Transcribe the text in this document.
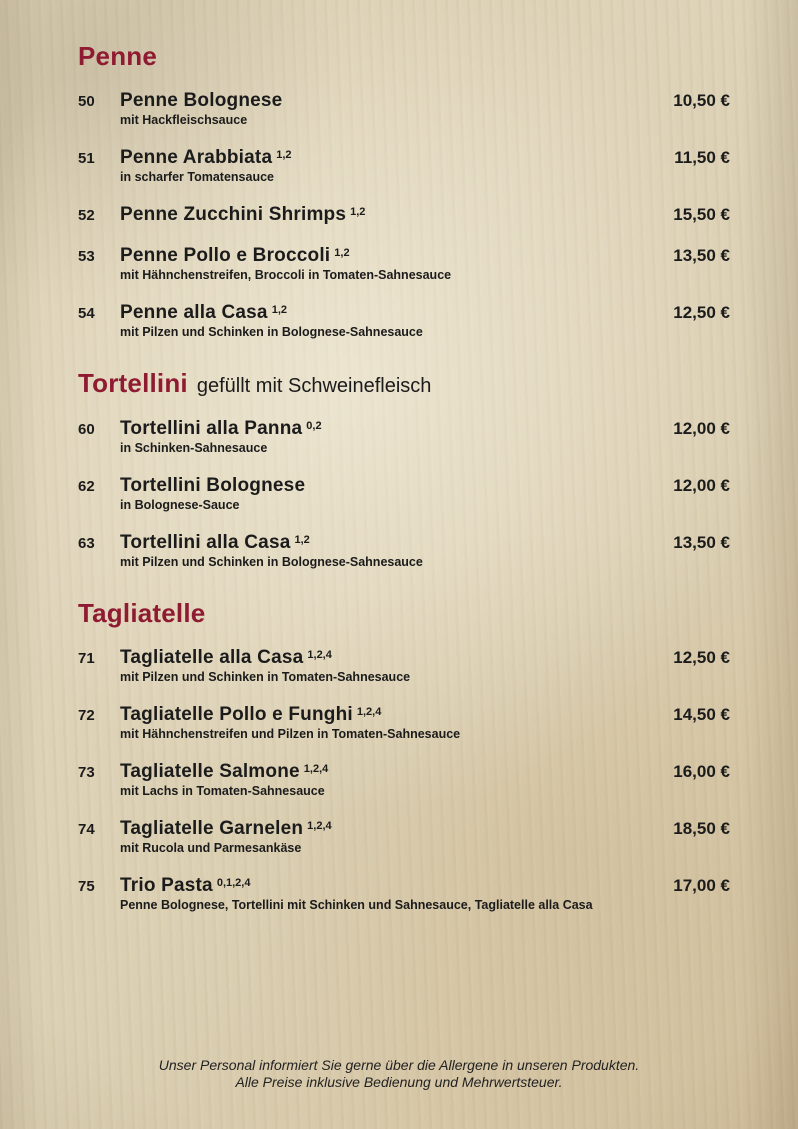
Penne
50	Penne Bolognese	10,50 €
mit Hackfleischsauce
51	Penne Arabbiata $^{1,2}$	11,50 €
in scharfer Tomatensauce
52	Penne Zucchini Shrimps $^{1,2}$	15,50 €
53	Penne Pollo e Broccoli $^{1,2}$	13,50 €
mit Hähnchenstreifen, Broccoli in Tomaten-Sahnesauce
54	Penne alla Casa $^{1,2}$	12,50 €
mit Pilzen und Schinken in Bolognese-Sahnesauce
Tortellini gefüllt mit Schweinefleisch
60	Tortellini alla Panna $^{0,2}$	12,00 €
in Schinken-Sahnesauce
62	Tortellini Bolognese	12,00 €
in Bolognese-Sauce
63	Tortellini alla Casa $^{1,2}$	13,50 €
mit Pilzen und Schinken in Bolognese-Sahnesauce
Tagliatelle
71	Tagliatelle alla Casa $^{1,2,4}$	12,50 €
mit Pilzen und Schinken in Tomaten-Sahnesauce
72	Tagliatelle Pollo e Funghi $^{1,2,4}$	14,50 €
mit Hähnchenstreifen und Pilzen in Tomaten-Sahnesauce
73	Tagliatelle Salmone $^{1,2,4}$	16,00 €
mit Lachs in Tomaten-Sahnesauce
74	Tagliatelle Garnelen $^{1,2,4}$	18,50 €
mit Rucola und Parmesankäse
75	Trio Pasta $^{0,1,2,4}$	17,00 €
Penne Bolognese, Tortellini mit Schinken und Sahnesauce, Tagliatelle alla Casa

Unser Personal informiert Sie gerne über die Allergene in unseren Produkten.

Alle Preise inklusive Bedienung und Mehrwertsteuer.
